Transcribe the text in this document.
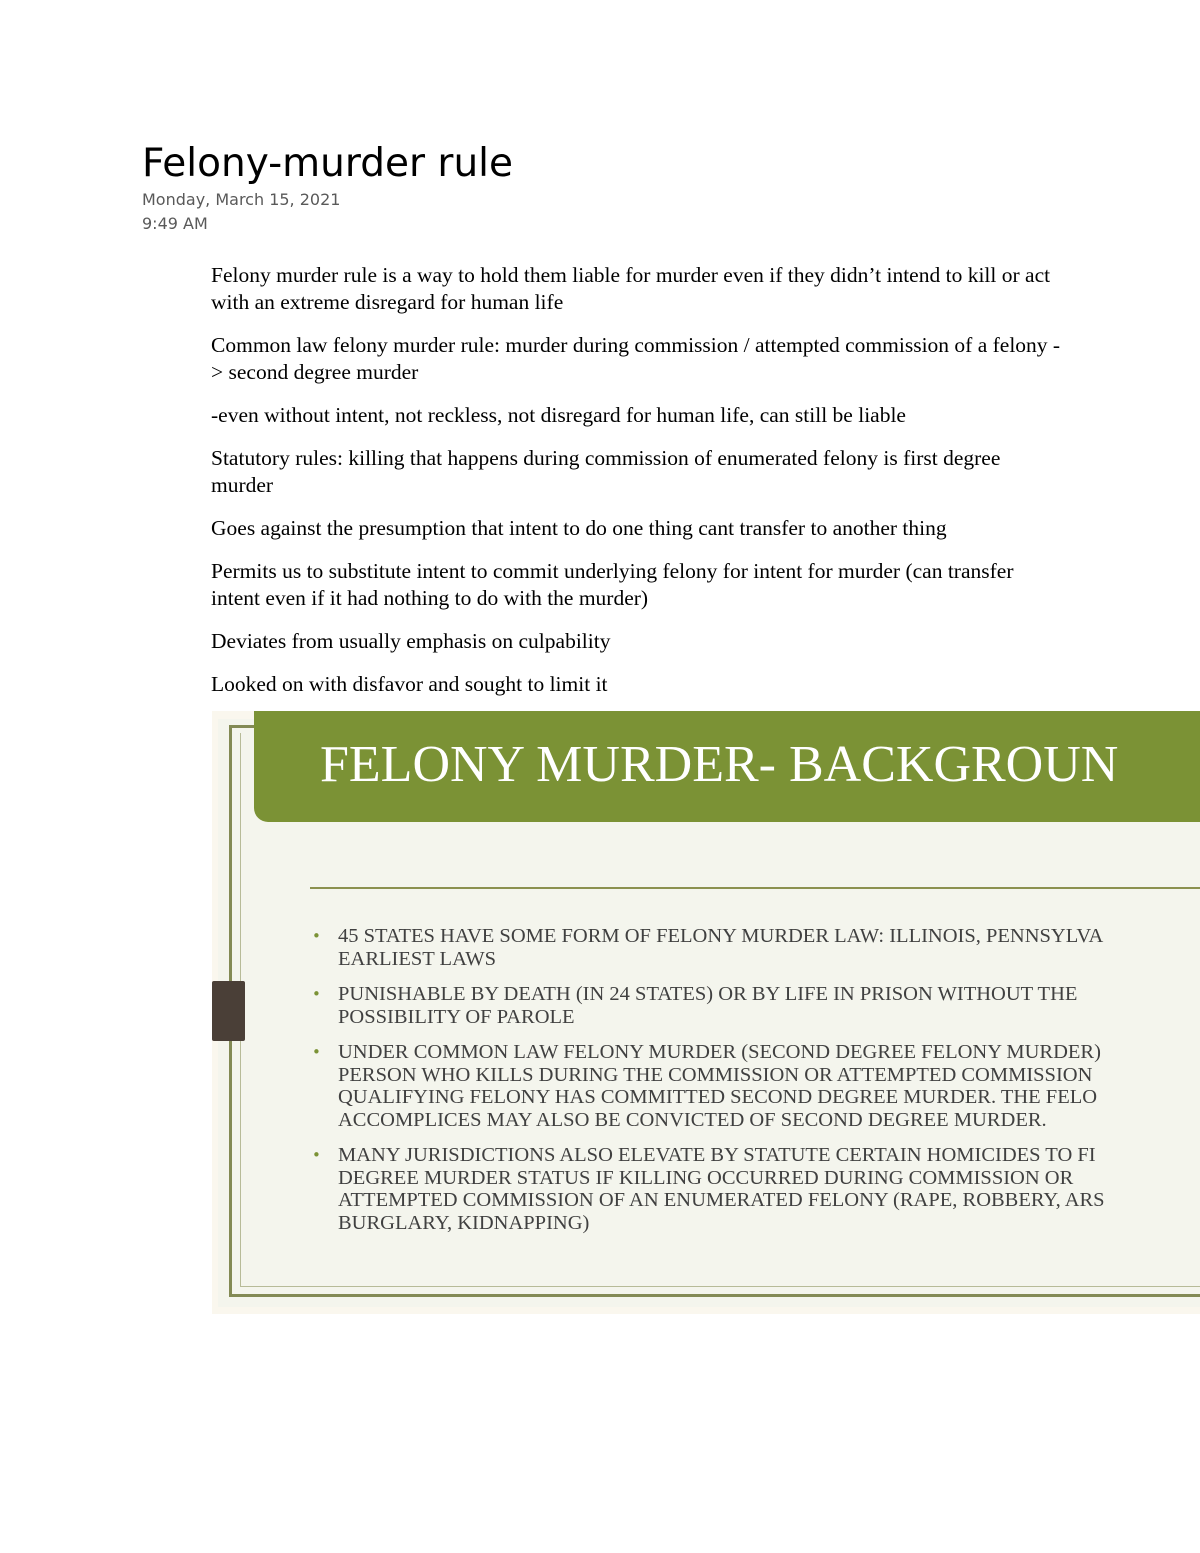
Felony-murder rule
Monday, March 15, 2021
9:49 AM

Felony murder rule is a way to hold them liable for murder even if they didn’t intend to kill or act with an extreme disregard for human life

Common law felony murder rule: murder during commission / attempted commission of a felony -> second degree murder

-even without intent, not reckless, not disregard for human life, can still be liable

Statutory rules: killing that happens during commission of enumerated felony is first degree murder

Goes against the presumption that intent to do one thing cant transfer to another thing

Permits us to substitute intent to commit underlying felony for intent for murder (can transfer intent even if it had nothing to do with the murder)

Deviates from usually emphasis on culpability

Looked on with disfavor and sought to limit it

FELONY MURDER- BACKGROUN
• 45 STATES HAVE SOME FORM OF FELONY MURDER LAW: ILLINOIS, PENNSYLVA
EARLIEST LAWS
• PUNISHABLE BY DEATH (IN 24 STATES) OR BY LIFE IN PRISON WITHOUT THE
POSSIBILITY OF PAROLE
• UNDER COMMON LAW FELONY MURDER (SECOND DEGREE FELONY MURDER)
PERSON WHO KILLS DURING THE COMMISSION OR ATTEMPTED COMMISSION
QUALIFYING FELONY HAS COMMITTED SECOND DEGREE MURDER. THE FELO
ACCOMPLICES MAY ALSO BE CONVICTED OF SECOND DEGREE MURDER.
• MANY JURISDICTIONS ALSO ELEVATE BY STATUTE CERTAIN HOMICIDES TO FI
DEGREE MURDER STATUS IF KILLING OCCURRED DURING COMMISSION OR
ATTEMPTED COMMISSION OF AN ENUMERATED FELONY (RAPE, ROBBERY, ARS
BURGLARY, KIDNAPPING)
